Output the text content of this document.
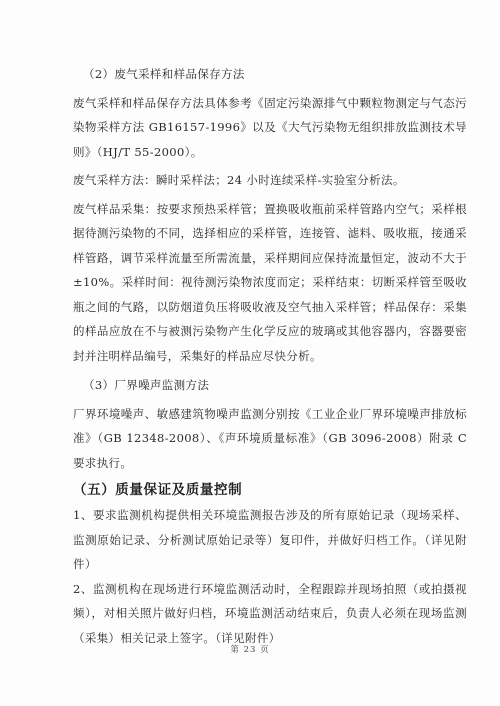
（2）废气采样和样品保存方法

废气采样和样品保存方法具体参考《固定污染源排气中颗粒物测定与气态污染物采样方法 GB16157-1996》以及《大气污染物无组织排放监测技术导则》（HJ/T 55-2000）。

废气采样方法：瞬时采样法；24 小时连续采样-实验室分析法。

废气样品采集：按要求预热采样管；置换吸收瓶前采样管路内空气；采样根据待测污染物的不同，选择相应的采样管，连接管、滤料、吸收瓶，接通采样管路，调节采样流量至所需流量，采样期间应保持流量恒定，波动不大于±10%。采样时间：视待测污染物浓度而定；采样结束：切断采样管至吸收瓶之间的气路，以防烟道负压将吸收液及空气抽入采样管；样品保存：采集的样品应放在不与被测污染物产生化学反应的玻璃或其他容器内，容器要密封并注明样品编号，采集好的样品应尽快分析。

（3）厂界噪声监测方法

厂界环境噪声、敏感建筑物噪声监测分别按《工业企业厂界环境噪声排放标准》（GB 12348-2008）、《声环境质量标准》（GB 3096-2008）附录 C 要求执行。

（五）质量保证及质量控制

1、要求监测机构提供相关环境监测报告涉及的所有原始记录（现场采样、监测原始记录、分析测试原始记录等）复印件，并做好归档工作。（详见附件）

2、监测机构在现场进行环境监测活动时，全程跟踪并现场拍照（或拍摄视频），对相关照片做好归档，环境监测活动结束后，负责人必须在现场监测（采集）相关记录上签字。（详见附件）

第 23 页
